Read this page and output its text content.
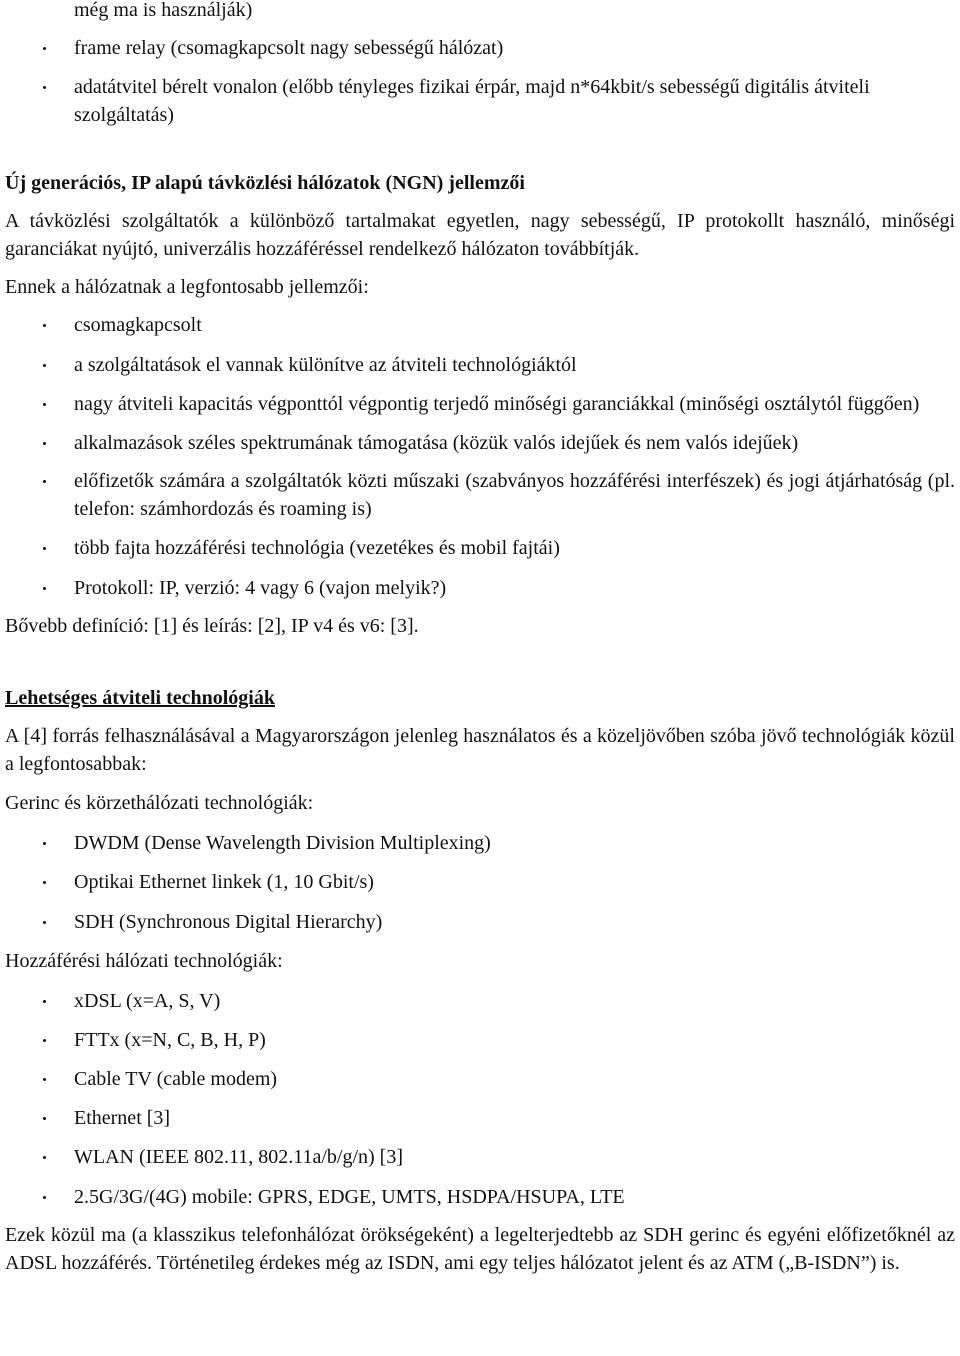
még ma is használják)
frame relay (csomagkapcsolt nagy sebességű hálózat)
adatátvitel bérelt vonalon (előbb tényleges fizikai érpár, majd n*64kbit/s sebességű digitális átviteli szolgáltatás)
Új generációs, IP alapú távközlési hálózatok (NGN) jellemzői
A távközlési szolgáltatók a különböző tartalmakat egyetlen, nagy sebességű, IP protokollt használó, minőségi garanciákat nyújtó, univerzális hozzáféréssel rendelkező hálózaton továbbítják.
Ennek a hálózatnak a legfontosabb jellemzői:
csomagkapcsolt
a szolgáltatások el vannak különítve az átviteli technológiáktól
nagy átviteli kapacitás végponttól végpontig terjedő minőségi garanciákkal (minőségi osztálytól függően)
alkalmazások széles spektrumának támogatása (közük valós idejűek és nem valós idejűek)
előfizetők számára a szolgáltatók közti műszaki (szabványos hozzáférési interfészek) és jogi átjárhatóság (pl. telefon: számhordozás és roaming is)
több fajta hozzáférési technológia (vezetékes és mobil fajtái)
Protokoll: IP, verzió: 4 vagy 6 (vajon melyik?)
Bővebb definíció: [1] és leírás: [2], IP v4 és v6: [3].
Lehetséges átviteli technológiák
A [4] forrás felhasználásával a Magyarországon jelenleg használatos és a közeljövőben szóba jövő technológiák közül a legfontosabbak:
Gerinc és körzethálózati technológiák:
DWDM (Dense Wavelength Division Multiplexing)
Optikai Ethernet linkek (1, 10 Gbit/s)
SDH (Synchronous Digital Hierarchy)
Hozzáférési hálózati technológiák:
xDSL (x=A, S, V)
FTTx (x=N, C, B, H, P)
Cable TV (cable modem)
Ethernet [3]
WLAN (IEEE 802.11, 802.11a/b/g/n) [3]
2.5G/3G/(4G) mobile: GPRS, EDGE, UMTS, HSDPA/HSUPA, LTE
Ezek közül ma (a klasszikus telefonhálózat örökségeként) a legelterjedtebb az SDH gerinc és egyéni előfizetőknél az ADSL hozzáférés. Történetileg érdekes még az ISDN, ami egy teljes hálózatot jelent és az ATM („B-ISDN”) is.
